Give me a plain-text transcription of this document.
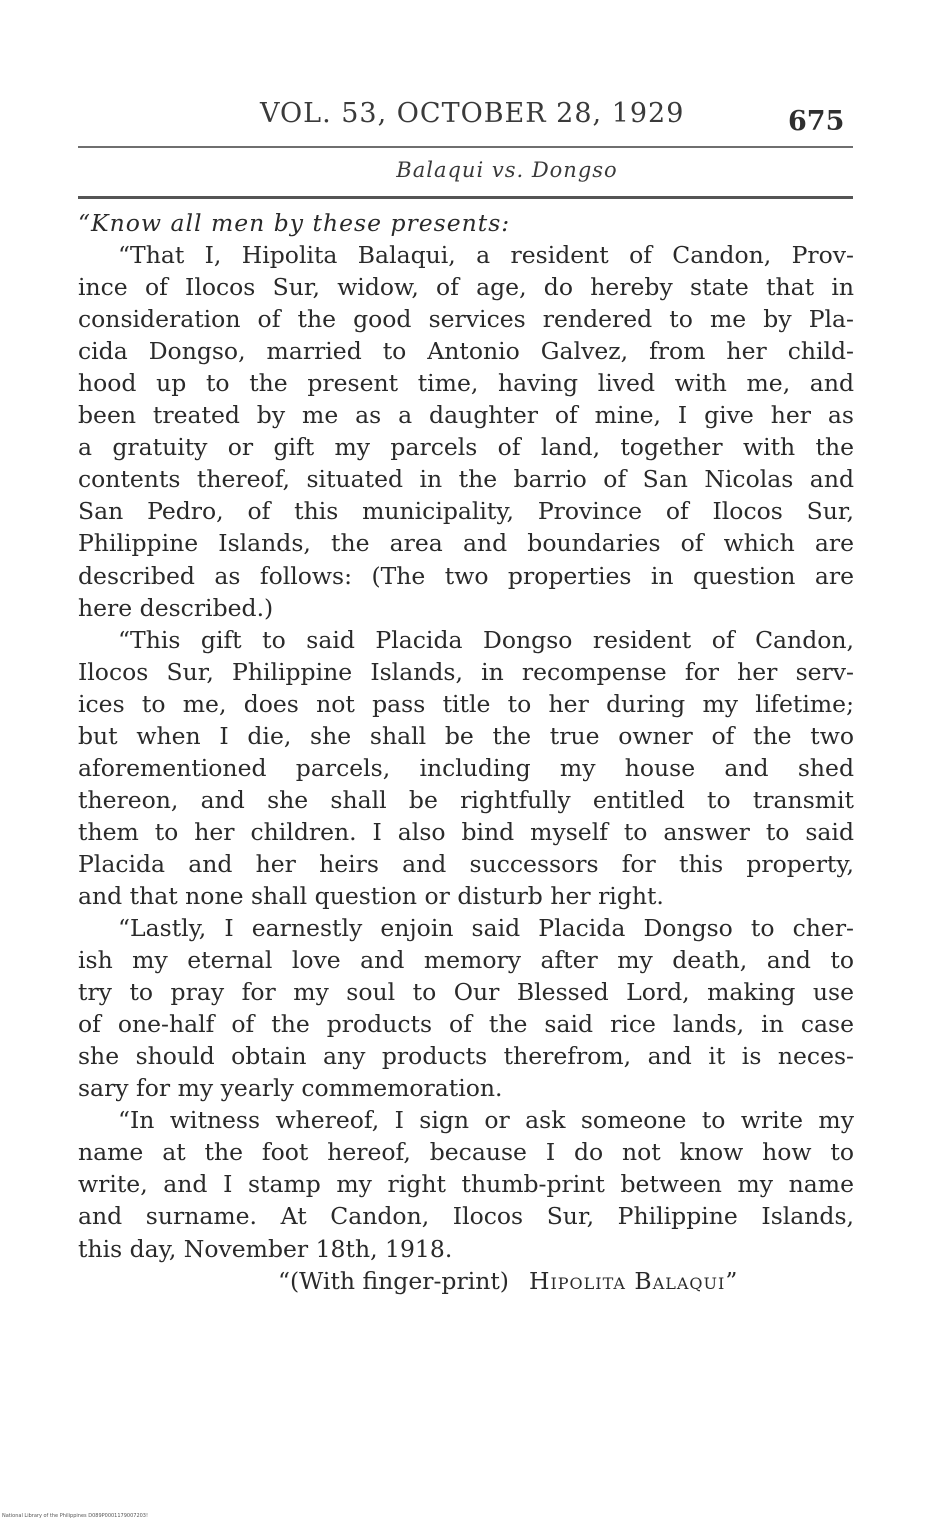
VOL. 53, OCTOBER 28, 1929	675
Balaqui vs. Dongso
“Know all men by these presents:
“That I, Hipolita Balaqui, a resident of Candon, Prov-
ince of Ilocos Sur, widow, of age, do hereby state that in
consideration of the good services rendered to me by Pla-
cida Dongso, married to Antonio Galvez, from her child-
hood up to the present time, having lived with me, and
been treated by me as a daughter of mine, I give her as
a gratuity or gift my parcels of land, together with the
contents thereof, situated in the barrio of San Nicolas and
San Pedro, of this municipality, Province of Ilocos Sur,
Philippine Islands, the area and boundaries of which are
described as follows: (The two properties in question are
here described.)
“This gift to said Placida Dongso resident of Candon,
Ilocos Sur, Philippine Islands, in recompense for her serv-
ices to me, does not pass title to her during my lifetime;
but when I die, she shall be the true owner of the two
aforementioned parcels, including my house and shed
thereon, and she shall be rightfully entitled to transmit
them to her children. I also bind myself to answer to said
Placida and her heirs and successors for this property,
and that none shall question or disturb her right.
“Lastly, I earnestly enjoin said Placida Dongso to cher-
ish my eternal love and memory after my death, and to
try to pray for my soul to Our Blessed Lord, making use
of one-half of the products of the said rice lands, in case
she should obtain any products therefrom, and it is neces-
sary for my yearly commemoration.
“In witness whereof, I sign or ask someone to write my
name at the foot hereof, because I do not know how to
write, and I stamp my right thumb-print between my name
and surname. At Candon, Ilocos Sur, Philippine Islands,
this day, November 18th, 1918.
“(With finger-print) Hipolita Balaqui”
National Library of the Philippines D089P0001179007203!
